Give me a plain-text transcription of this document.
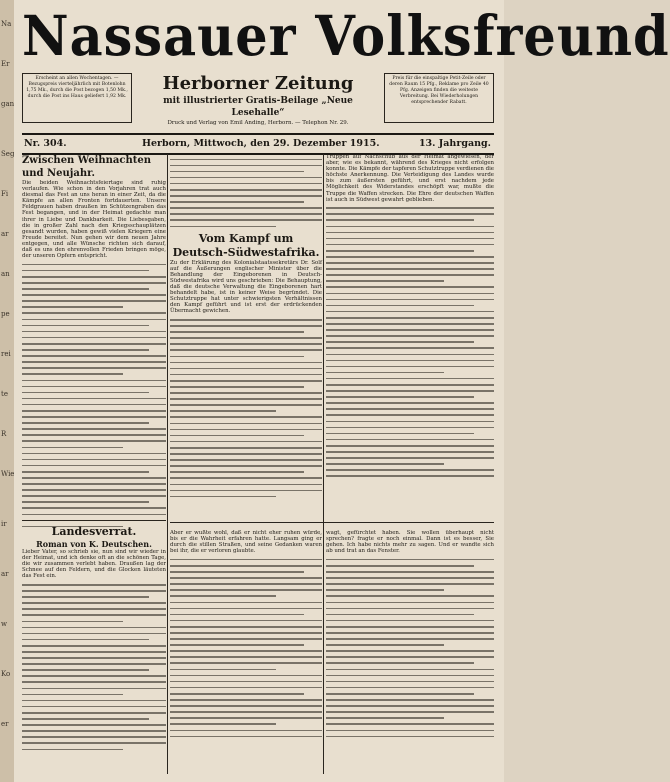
Na
Er
gan
Seg
Fi
ar
an
pe
rei
te
R
Wie
ir
ar
w
Ko
er
Nassauer Volksfreund
Erscheint an allen Wochentagen. — Bezugspreis vierteljährlich mit Botenlohn 1,75 Mk., durch die Post bezogen 1,50 Mk., durch die Post ins Haus geliefert 1,92 Mk.
Herborner Zeitung
mit illustrierter Gratis-Beilage „Neue Lesehalle“
Druck und Verlag von Emil Anding, Herborn. — Telephon Nr. 29.
Preis für die einspaltige Petit-Zeile oder deren Raum 15 Pfg., Reklame pro Zeile 40 Pfg. Anzeigen finden die weiteste Verbreitung. Bei Wiederholungen entsprechender Rabatt.
Nr. 304.	Herborn, Mittwoch, den 29. Dezember 1915.	13. Jahrgang.
Zwischen Weihnachten und Neujahr.
Die beiden Weihnachtsfeiertage sind ruhig verlaufen. Wie schon in den Vorjahren trat auch diesmal das Fest an uns heran in einer Zeit, da die Kämpfe an allen Fronten fortdauerten. Unsere Feldgrauen haben draußen im Schützengraben das Fest begangen, und in der Heimat gedachte man ihrer in Liebe und Dankbarkeit. Die Liebesgaben, die in großer Zahl nach den Kriegsschauplätzen gesandt wurden, haben gewiß vielen Kriegern eine Freude bereitet. Nun gehen wir dem neuen Jahre entgegen, und alle Wünsche richten sich darauf, daß es uns den ehrenvollen Frieden bringen möge, der unseren Opfern entspricht.
Vom Kampf um Deutsch-Südwestafrika.
Zu der Erklärung des Kolonialstaatssekretärs Dr. Solf auf die Äußerungen englischer Minister über die Behandlung der Eingeborenen in Deutsch-Südwestafrika wird uns geschrieben: Die Behauptung, daß die deutsche Verwaltung die Eingeborenen hart behandelt habe, ist in keiner Weise begründet. Die Schutztruppe hat unter schwierigsten Verhältnissen den Kampf geführt und ist erst der erdrückenden Übermacht gewichen.
Truppen auf Nachschub aus der Heimat angewiesen, der aber, wie es bekannt, während des Krieges nicht erfolgen konnte. Die Kämpfe der tapferen Schutztruppe verdienen die höchste Anerkennung. Die Verteidigung des Landes wurde bis zum äußersten geführt, und erst nachdem jede Möglichkeit des Widerstandes erschöpft war, mußte die Truppe die Waffen strecken. Die Ehre der deutschen Waffen ist auch in Südwest gewahrt geblieben.
Landesverrat.
Roman von K. Deutschen.
Lieber Vater, so schrieb sie, nun sind wir wieder in der Heimat, und ich denke oft an die schönen Tage, die wir zusammen verlebt haben. Draußen lag der Schnee auf den Feldern, und die Glocken läuteten das Fest ein.
Aber er wußte wohl, daß er nicht eher ruhen würde, bis er die Wahrheit erfahren hatte. Langsam ging er durch die stillen Straßen, und seine Gedanken waren bei ihr, die er verloren glaubte.
wagt, gefürchtet haben. Sie wollen überhaupt nicht sprechen? fragte er noch einmal. Dann ist es besser, Sie gehen. Ich habe nichts mehr zu sagen. Und er wandte sich ab und trat an das Fenster.
